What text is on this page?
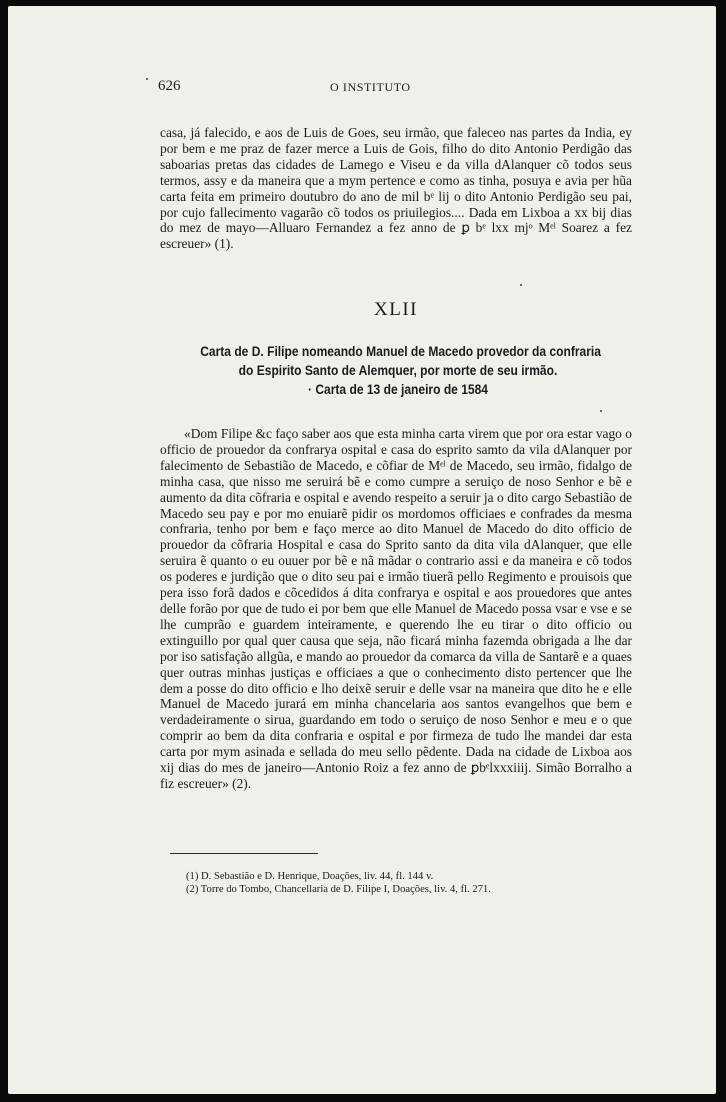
626	O INSTITUTO

casa, já falecido, e aos de Luis de Goes, seu irmão, que faleceo nas partes da India, ey por bem e me praz de fazer merce a Luis de Gois, filho do dito Antonio Perdigão das saboarias pretas das cidades de Lamego e Viseu e da villa dAlanquer cõ todos seus termos, assy e da maneira que a mym pertence e como as tinha, posuya e avia per hũa carta feita em primeiro doutubro do ano de mil bᵉ lij o dito Antonio Perdigão seu pai, por cujo fallecimento vagarão cõ todos os priuilegios.... Dada em Lixboa a xx bij dias do mez de mayo—Alluaro Fernandez a fez anno de ꝑ bᵉ lxx mjᵒ Mᵉˡ Soarez a fez escreuer» (1).

XLII
Carta de D. Filipe nomeando Manuel de Macedo provedor da confraria
do Espirito Santo de Alemquer, por morte de seu irmão.
· Carta de 13 de janeiro de 1584

«Dom Filipe &c faço saber aos que esta minha carta virem que por ora estar vago o officio de prouedor da confrarya ospital e casa do esprito samto da vila dAlanquer por falecimento de Sebastião de Macedo, e cõfiar de Mᵉˡ de Macedo, seu irmão, fidalgo de minha casa, que nisso me seruirá bẽ e como cumpre a seruiço de noso Senhor e bẽ e aumento da dita cõfraria e ospital e avendo respeito a seruir ja o dito cargo Sebastião de Macedo seu pay e por mo enuiarẽ pidir os mordomos officiaes e confrades da mesma confraria, tenho por bem e faço merce ao dito Manuel de Macedo do dito officio de prouedor da cõfraria Hospital e casa do Sprito santo da dita vila dAlanquer, que elle seruira ẽ quanto o eu ouuer por bẽ e nã mãdar o contrario assi e da maneira e cõ todos os poderes e jurdição que o dito seu pai e irmão tiuerã pello Regimento e prouisois que pera isso forã dados e cõcedidos á dita confrarya e ospital e aos prouedores que antes delle forão por que de tudo ei por bem que elle Manuel de Macedo possa vsar e vse e se lhe cumprão e guardem inteiramente, e querendo lhe eu tirar o dito officio ou extinguillo por qual quer causa que seja, não ficará minha fazemda obrigada a lhe dar por iso satisfação allgũa, e mando ao prouedor da comarca da villa de Santarẽ e a quaes quer outras minhas justiças e officiaes a que o conhecimento disto pertencer que lhe dem a posse do dito officio e lho deixẽ seruir e delle vsar na maneira que dito he e elle Manuel de Macedo jurará em minha chancelaria aos santos evangelhos que bem e verdadeiramente o sirua, guardando em todo o seruiço de noso Senhor e meu e o que comprir ao bem da dita confraria e ospital e por firmeza de tudo lhe mandei dar esta carta por mym asinada e sellada do meu sello pẽdente. Dada na cidade de Lixboa aos xij dias do mes de janeiro—Antonio Roiz a fez anno de ꝑbᵉlxxxiiij. Simão Borralho a fiz escreuer» (2).

(1) D. Sebastião e D. Henrique, Doações, liv. 44, fl. 144 v.
(2) Torre do Tombo, Chancellaria de D. Filipe I, Doações, liv. 4, fl. 271.
